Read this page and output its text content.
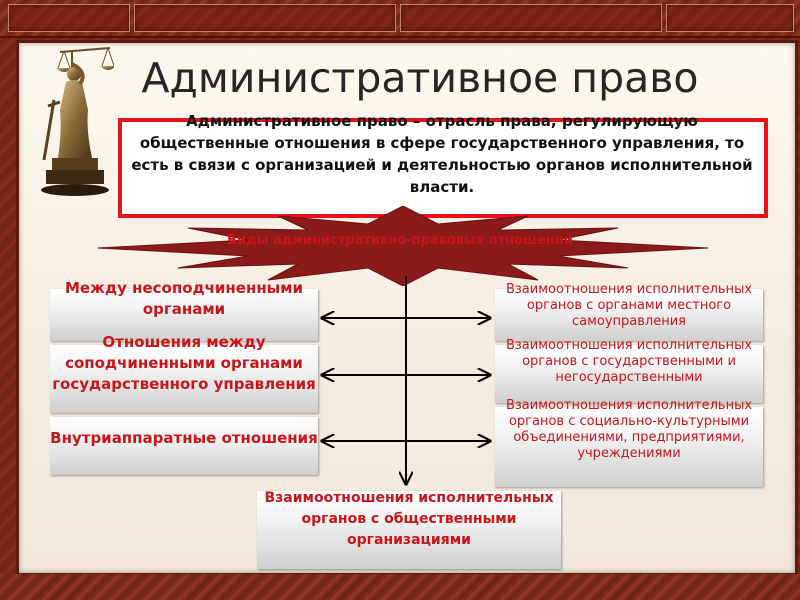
Административное право
Административное право – отрасль права, регулирующую общественные отношения в сфере государственного управления, то есть в связи с организацией и деятельностью органов исполнительной власти.
Виды административно-правовых отношений
Между несоподчиненными органами
Отношения между соподчиненными органами государственного управления
Внутриаппаратные отношения
Взаимоотношения исполнительных органов с органами местного самоуправления
Взаимоотношения исполнительных органов с государственными и негосударственными
Взаимоотношения исполнительных органов с социально-культурными объединениями, предприятиями, учреждениями
Взаимоотношения исполнительных органов с общественными организациями
